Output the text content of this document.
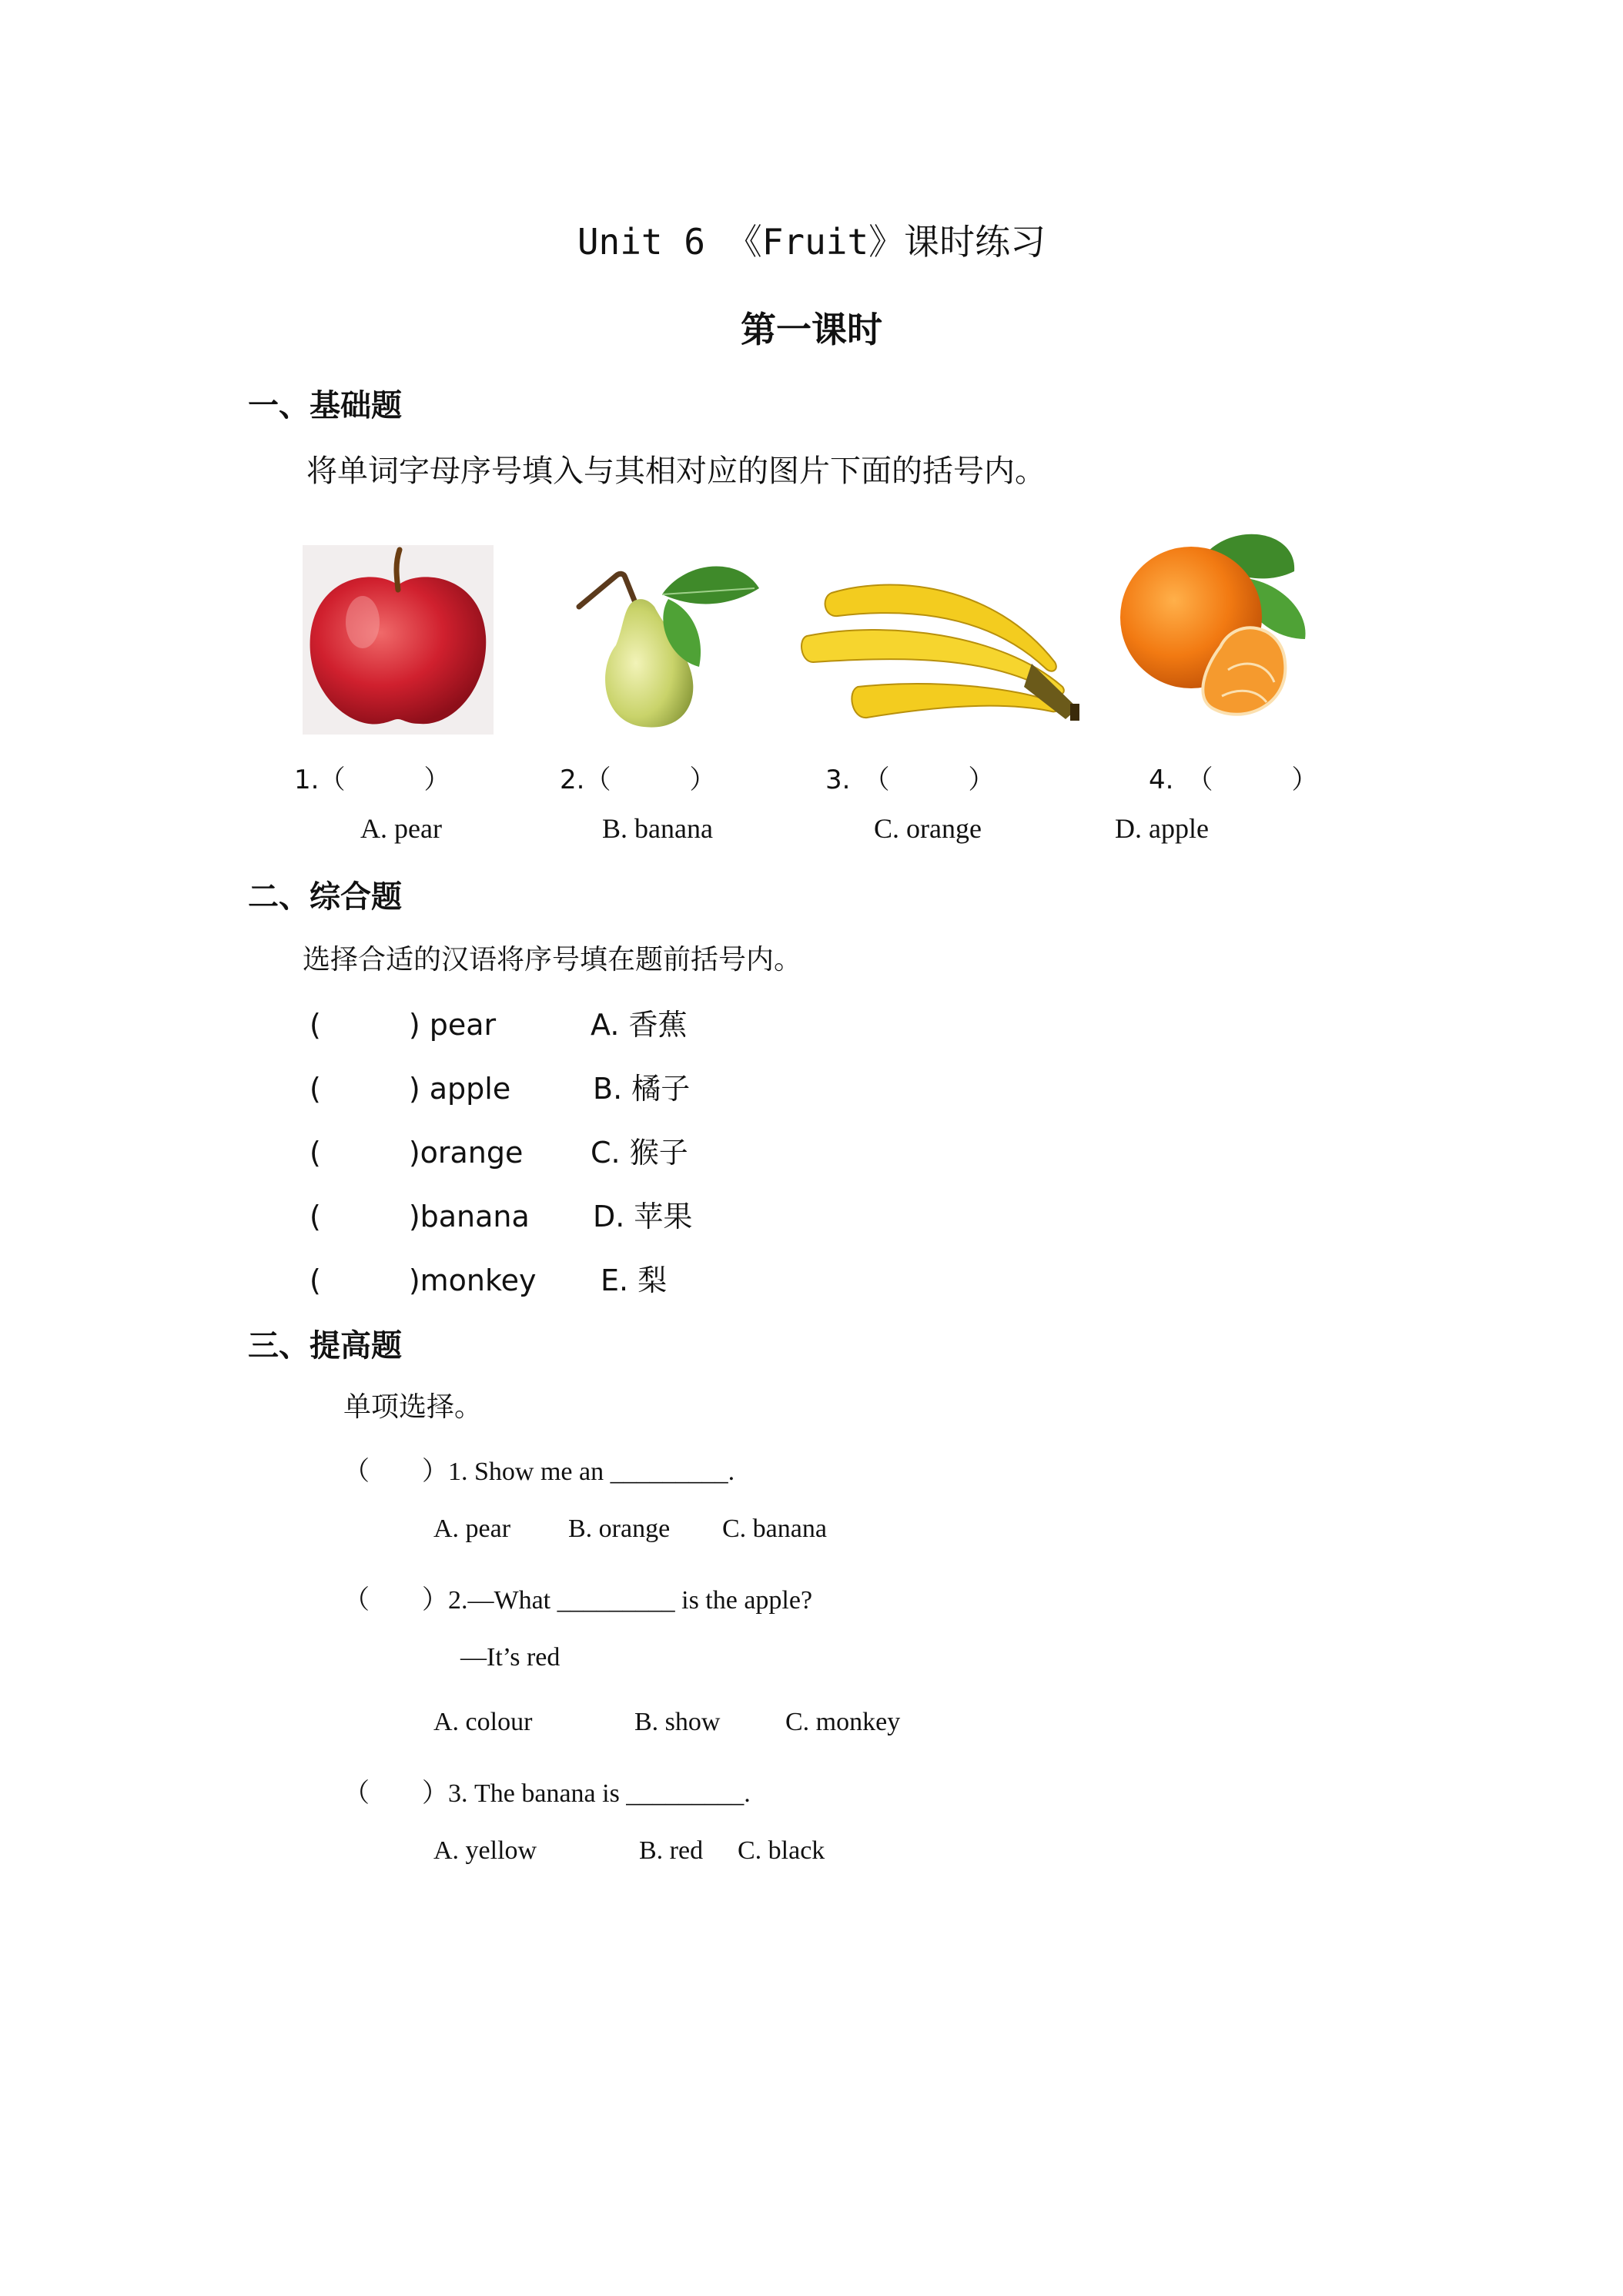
Unit 6 《Fruit》课时练习
第一课时
一、基础题
将单词字母序号填入与其相对应的图片下面的括号内。
1.（　　　）	2.（　　　）	3.　（　　　）	4.　（　　　）
A. pear	B. banana	C. orange	D. apple
二、综合题
选择合适的汉语将序号填在题前括号内。
(　　　) pear	A. 香蕉
(　　　) apple	B. 橘子
(　　　)orange C. 猴子
(　　　)banana D. 苹果
(　　　)monkey E. 梨
三、提高题
单项选择。
（　　）1. Show me an _________.
A. pear B. orange C. banana
（　　）2.—What _________ is the apple?
—It’s red
A. colour	B. show C. monkey
（　　）3. The banana is _________.
A. yellow	B. red C. black
